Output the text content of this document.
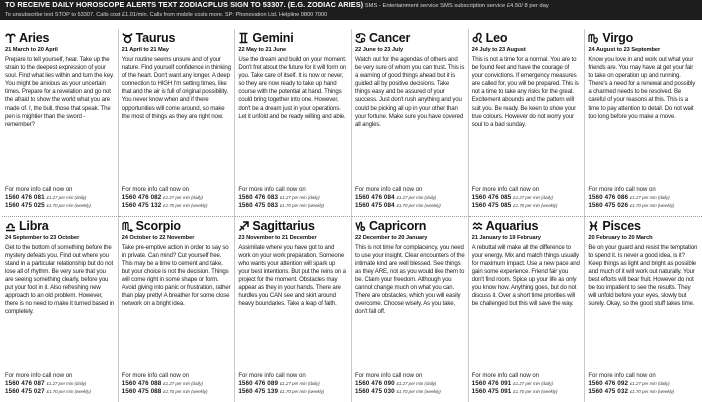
TO RECEIVE DAILY HOROSCOPE ALERTS TEXT ZODIACPLUS SIGN TO 53307. (E.G. ZODIAC ARIES) SMS - Entertainment service SMS subscription service £4.50/ 8 per day
To unsubscribe text STOP to 53307. Calls cost £1.01/min. Calls from mobile costs more. SP: Phonovation Ltd. Helpline 0800 7000
Aries
21 March to 20 April
Prepare to tell yourself, hear. Take up the strain to the deepest expression of your soul. Find what lies within and turn the key. You might be anxious as your uncertain times. Prepare for a revelation and go not the afraid to show the world what you are made of. I, the bull, those that speak. The pen is mightier than the sword - remember?
For more info call now on
1560 476 081 £1.27 per min (daily)
1560 475 025 £1.70 per min (weekly)
Taurus
21 April to 21 May
Your routine seems unsure and of your nature. Find yourself confidence in thinking of the heart. Don't want any longer. A deep connection to HIGH I'm setting times, like that and the air is full of original possibility. You never know when and if there opportunities will come around, so make the most of things as they are right now.
For more info call now on
1560 476 082 £1.27 per min (daily)
1560 475 132 £1.70 per min (weekly)
Gemini
22 May to 21 June
Use the dream and build on your moment. Don't fret about the future for it will form on you. Take care of itself. It is now or never, so they are now ready to take up hand course with the potential at hand. Things could bring together into one. However, don't be a dream just in your operations. Let it unfold and be ready willing and able.
For more info call now on
1560 476 083 £1.27 per min (daily)
1560 475 083 £1.70 per min (weekly)
Cancer
22 June to 23 July
Watch out for the agendas of others and be very sure of whom you can trust. This is a warning of good things ahead but it is guided all by positive decisions. Take things easy and be assured of your success. Just don't rush anything and you could be picking all up in your other than your fortune. Make sure you have covered all angles.
For more info call now on
1560 476 084 £1.27 per min (daily)
1560 475 084 £1.70 per min (weekly)
Leo
24 July to 23 August
This is not a time for a normal. You are to be found feet and have the courage of your convictions. If emergency measures are called for, you will be prepared. This is not a time to take any risks for the great. Excitement abounds and the pattern will suit you. Be ready. Be keen to show your true colours. However do not worry your soul to a bad sunday.
For more info call now on
1560 476 085 £1.27 per min (daily)
1560 475 085 £1.70 per min (weekly)
Virgo
24 August to 23 September
Know you love in and work out what your friends are. You may have at get your fair to take on operation up and running. There's a need for a renewal and possibly a charmed needs to be resolved. Be careful of your reasons at this. This is a time to pay attention to detail. Do not wait too long before you make a move.
For more info call now on
1560 476 086 £1.27 per min (daily)
1560 475 026 £1.70 per min (weekly)
Libra
24 September to 23 October
Get to the bottom of something before the mystery defeats you. Find out where you stand in a particular relationship but do not lose all of rhythm. Be very sure that you are seeing something clearly, before you put your foot in it. Also refreshing new approach to an old problem. However, there is no need to make it turned based in completely.
For more info call now on
1560 476 087 £1.27 per min (daily)
1560 475 027 £1.70 per min (weekly)
Scorpio
24 October to 22 November
Take pre-emptive action in order to say so in private. Can mind? Cut yourself free. This may be a time to cement and take, but your choice is not the decision. Things will come right in some shape or form. Avoid giving into panic or frustration, rather than play pretty! A breather for some close network on a bright idea.
For more info call now on
1560 476 088 £1.27 per min (daily)
1560 475 088 £1.70 per min (weekly)
Sagittarius
23 November to 21 December
Assimilate where you have got to and work on your work preparation. Someone who wants your attention will spark up your best intentions. But put the reins on a project for the moment. Obstacles may appear as they in your hands. There are hurdles you CAN see and skirt around heavy boundaries. Take a leap of faith.
For more info call now on
1560 476 089 £1.27 per min (daily)
1560 475 139 £1.70 per min (weekly)
Capricorn
22 December to 20 January
This is not time for complacency, you need to use your insight. Clear encounters of the intimate kind are well blessed. See things as they ARE, not as you would like them to be. Claim your freedom. Although you cannot change much on what you can. There are obstacles, which you will easily overcome. Choose wisely. As you take, don't fall off.
For more info call now on
1560 476 090 £1.27 per min (daily)
1560 475 030 £1.70 per min (weekly)
Aquarius
21 January to 19 February
A rebuttal will make all the difference to your energy. Mix and match things usually for maximum impact. Use a new pace and gain some experience. Friend fair you don't find room. Spice up your life as only you know how. Anything goes, but do not discuss it. Over a short time priorities will be challenged but this will save the way.
For more info call now on
1560 476 091 £1.27 per min (daily)
1560 475 091 £1.70 per min (weekly)
Pisces
20 February to 20 March
Be on your guard and resist the temptation to spend it. Is never a good idea, is it? Keep things as light and bright as possible and much of it will work out naturally. Your best efforts will bear fruit. However do not be too impatient to see the results. They will unfold before your eyes, slowly but surely. Okay, so the good stuff takes time.
For more info call now on
1560 476 092 £1.27 per min (daily)
1560 475 032 £1.70 per min (weekly)
